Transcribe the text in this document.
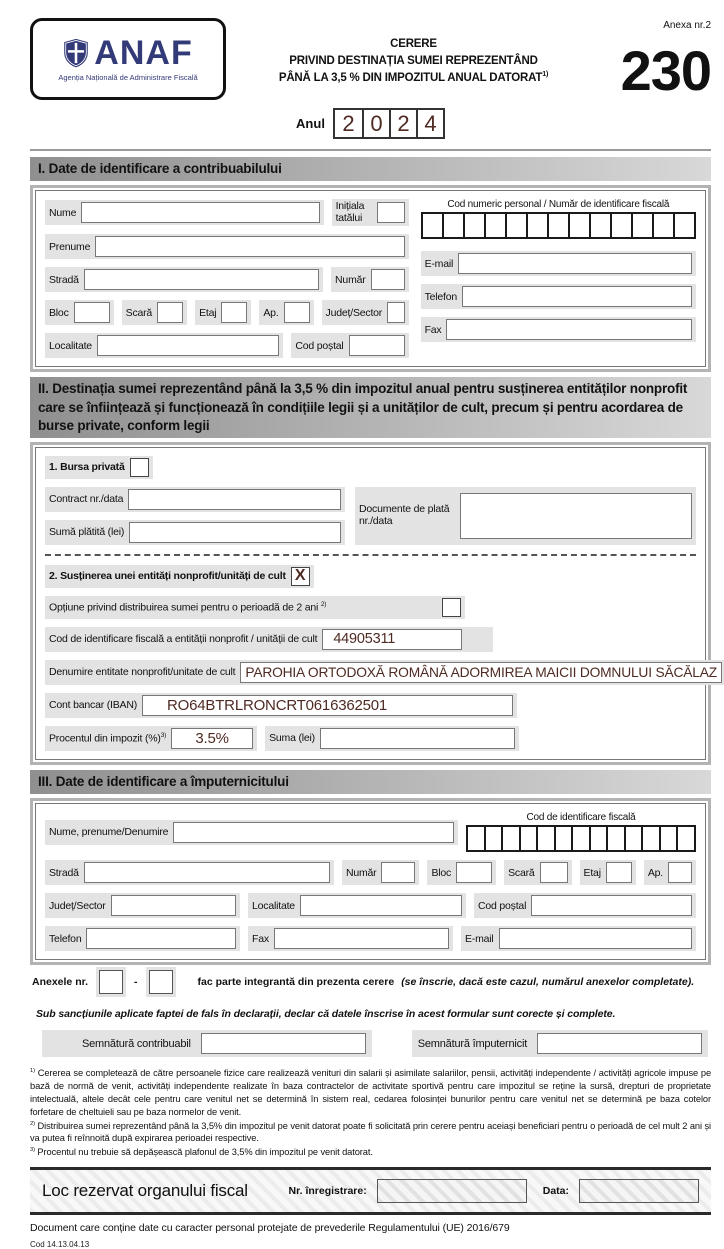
ANAF
Agenția Națională de Administrare Fiscală
CERERE
PRIVIND DESTINAȚIA SUMEI REPREZENTÂND
PÂNĂ LA 3,5 % DIN IMPOZITUL ANUAL DATORAT$^{1)}$
Anexa nr.2
230
Anul 2 0 2 4
I. Date de identificare a contribuabilului
Nume
Inițiala tatălui
Prenume
Stradă	Număr
Bloc	Scară	Etaj	Ap.	Județ/Sector
Localitate	Cod poștal
Cod numeric personal / Număr de identificare fiscală
E-mail
Telefon
Fax
II. Destinația sumei reprezentând până la 3,5 % din impozitul anual pentru susținerea entităților nonprofit care se înființează și funcționează în condițiile legii și a unităților de cult, precum și pentru acordarea de burse private, conform legii
1. Bursa privată
Contract nr./data
Sumă plătită (lei)
Documente de plată nr./data
2. Susținerea unei entități nonprofit/unități de cult X
Opțiune privind distribuirea sumei pentru o perioadă de 2 ani $^{2)}$
Cod de identificare fiscală a entității nonprofit / unității de cult	44905311
Denumire entitate nonprofit/unitate de cult PAROHIA ORTODOXĂ ROMÂNĂ ADORMIREA MAICII DOMNULUI SĂCĂLAZ
Cont bancar (IBAN)	RO64BTRLRONCRT0616362501
Procentul din impozit (%)$^{3)}$	3.5%	Suma (lei)
III. Date de identificare a împuternicitului
Nume, prenume/Denumire
Cod de identificare fiscală
Stradă	Număr	Bloc	Scară	Etaj	Ap.
Județ/Sector	Localitate	Cod poștal
Telefon	Fax	E-mail
Anexele nr.	-	fac parte integrantă din prezenta cerere (se înscrie, dacă este cazul, numărul anexelor completate).
Sub sancțiunile aplicate faptei de fals în declarații, declar că datele înscrise în acest formular sunt corecte și complete.
Semnătură contribuabil	Semnătură împuternicit

$^{1)}$ Cererea se completează de către persoanele fizice care realizează venituri din salarii și asimilate salariilor, pensii, activități independente / activități agricole impuse pe bază de normă de venit, activități independente realizate în baza contractelor de activitate sportivă pentru care impozitul se reține la sursă, drepturi de proprietate intelectuală, altele decât cele pentru care venitul net se determină în sistem real, cedarea folosinței bunurilor pentru care venitul net se determină pe baza cotelor forfetare de cheltuieli sau pe baza normelor de venit.

$^{2)}$ Distribuirea sumei reprezentând până la 3,5% din impozitul pe venit datorat poate fi solicitată prin cerere pentru aceiași beneficiari pentru o perioadă de cel mult 2 ani și va putea fi reînnoită după expirarea perioadei respective.

$^{3)}$ Procentul nu trebuie să depășească plafonul de 3,5% din impozitul pe venit datorat.

Loc rezervat organului fiscal	Nr. înregistrare:	Data:
Document care conține date cu caracter personal protejate de prevederile Regulamentului (UE) 2016/679
Cod 14.13.04.13
